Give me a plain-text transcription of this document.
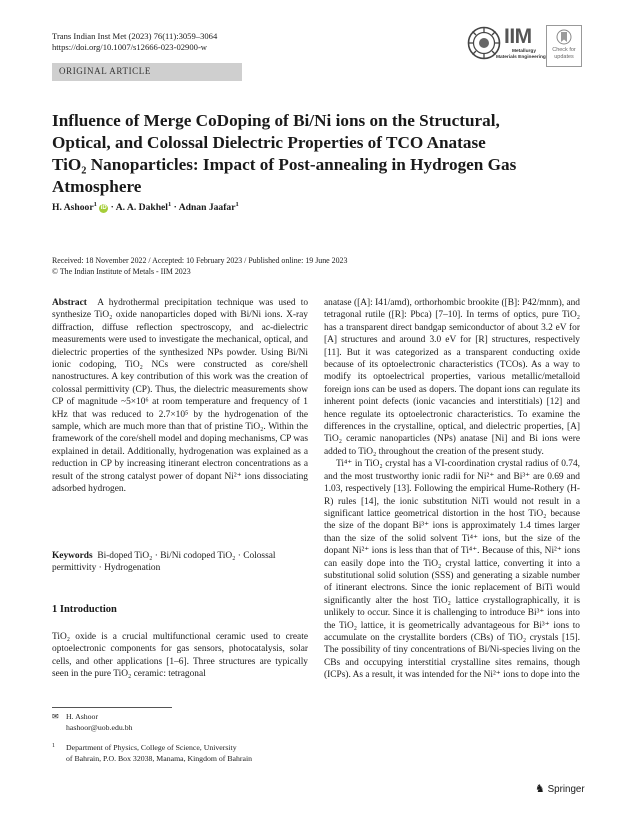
Trans Indian Inst Met (2023) 76(11):3059–3064
https://doi.org/10.1007/s12666-023-02900-w	IIM
Metallurgy
Materials Engineering
Check for
updates
ORIGINAL ARTICLE
Influence of Merge CoDoping of Bi/Ni ions on the Structural, Optical, and Colossal Dielectric Properties of TCO Anatase TiO₂ Nanoparticles: Impact of Post-annealing in Hydrogen Gas Atmosphere
H. Ashoor$^1$ iD · A. A. Dakhel$^1$ · Adnan Jaafar$^1$
Received: 18 November 2022 / Accepted: 10 February 2023 / Published online: 19 June 2023
© The Indian Institute of Metals - IIM 2023

Abstract A hydrothermal precipitation technique was used to synthesize TiO₂ oxide nanoparticles doped with Bi/Ni ions. X-ray diffraction, diffuse reflection spectroscopy, and ac-dielectric measurements were used to investigate the mechanical, optical, and dielectric properties of the synthesized NPs powder. Using Bi/Ni ionic codoping, TiO₂ NCs were constructed as core/shell nanostructures. A key contribution of this work was the creation of colossal permittivity (CP). Thus, the dielectric measurements show CP of magnitude ~5×10⁶ at room temperature and frequency of 1 kHz that was reduced to 2.7×10⁵ by the hydrogenation of the sample, which are much more than that of pristine TiO₂. Within the framework of the core/shell model and doping mechanisms, CP was explained in detail. Additionally, hydrogenation was explained as a reduction in CP by increasing itinerant electron concentrations as a result of the strong catalyst power of dopant Ni²⁺ ions dissociating adsorbed hydrogen.

Keywords Bi-doped TiO₂ · Bi/Ni codoped TiO₂ · Colossal permittivity · Hydrogenation
1 Introduction
TiO₂ oxide is a crucial multifunctional ceramic used to create optoelectronic components for gas sensors, photocatalysis, solar cells, and other applications [1–6]. Three structures are typically seen in the pure TiO₂ ceramic: tetragonal
✉ H. Ashoor
hashoor@uob.edu.bh
1 Department of Physics, College of Science, University
of Bahrain, P.O. Box 32038, Manama, Kingdom of Bahrain

anatase ([A]: I41/amd), orthorhombic brookite ([B]: P42/mnm), and tetragonal rutile ([R]: Pbca) [7–10]. In terms of optics, pure TiO₂ has a transparent direct bandgap semiconductor of about 3.2 eV for [A] structures and around 3.0 eV for [R] structures, respectively [11]. But it was categorized as a transparent conducting oxide because of its optoelectronic characteristics (TCOs). As a way to modify its optoelectrical properties, various metallic/metalloid foreign ions can be used as dopers. The dopant ions can regulate its inherent point defects (ionic vacancies and interstitials) [12] and hence regulate its optoelectronic characteristics. To examine the differences in the crystalline, optical, and dielectric properties, [A] TiO₂ ceramic nanoparticles (NPs) anatase [Ni] and Bi ions were added to TiO₂ throughout the creation of the present study.

Ti⁴⁺ in TiO₂ crystal has a VI-coordination crystal radius of 0.74, and the most trustworthy ionic radii for Ni²⁺ and Bi³⁺ are 0.69 and 1.03, respectively [13]. Following the empirical Hume-Rothery (H-R) rules [14], the ionic substitution NiTi would not result in a significant lattice geometrical distortion in the host TiO₂ because the size of the dopant Bi³⁺ ions is approximately 1.4 times larger than the size of the solid solvent Ti⁴⁺ ions, but the size of the dopant Ni²⁺ ions is less than that of Ti⁴⁺. Because of this, Ni²⁺ ions can easily dope into the TiO₂ crystal lattice, converting it into a substitutional solid solution (SSS) and generating a sizable number of itinerant electrons. Since the ionic replacement of BiTi would significantly alter the host TiO₂ lattice crystallographically, it is unlikely to occur. Since it is challenging to introduce Bi³⁺ ions into the TiO₂ lattice, it is geometrically advantageous for Bi³⁺ ions to accumulate on the crystallite borders (CBs) of TiO₂ crystals [15]. The possibility of tiny concentrations of Bi/Ni-species living on the CBs and occupying interstitial crystalline sites remains, though (ICPs). As a result, it was intended for the Ni²⁺ ions to dope into the

♞ Springer
